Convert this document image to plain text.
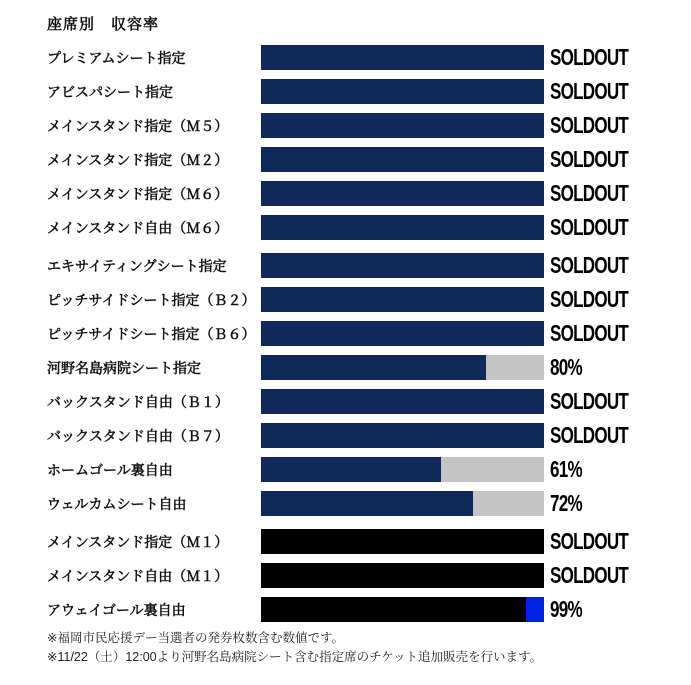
座席別　収容率
プレミアムシート指定	SOLDOUT
アビスパシート指定	SOLDOUT
メインスタンド指定（Ｍ５）	SOLDOUT
メインスタンド指定（Ｍ２）	SOLDOUT
メインスタンド指定（Ｍ６）	SOLDOUT
メインスタンド自由（Ｍ６）	SOLDOUT
エキサイティングシート指定	SOLDOUT
ピッチサイドシート指定（Ｂ２）	SOLDOUT
ピッチサイドシート指定（Ｂ６）	SOLDOUT
河野名島病院シート指定	80%
バックスタンド自由（Ｂ１）	SOLDOUT
バックスタンド自由（Ｂ７）	SOLDOUT
ホームゴール裏自由	61%
ウェルカムシート自由	72%
メインスタンド指定（Ｍ１）	SOLDOUT
メインスタンド自由（Ｍ１）	SOLDOUT
アウェイゴール裏自由	99%
※福岡市民応援デー当選者の発券枚数含む数値です。
※11/22（土）12:00より河野名島病院シート含む指定席のチケット追加販売を行います。
